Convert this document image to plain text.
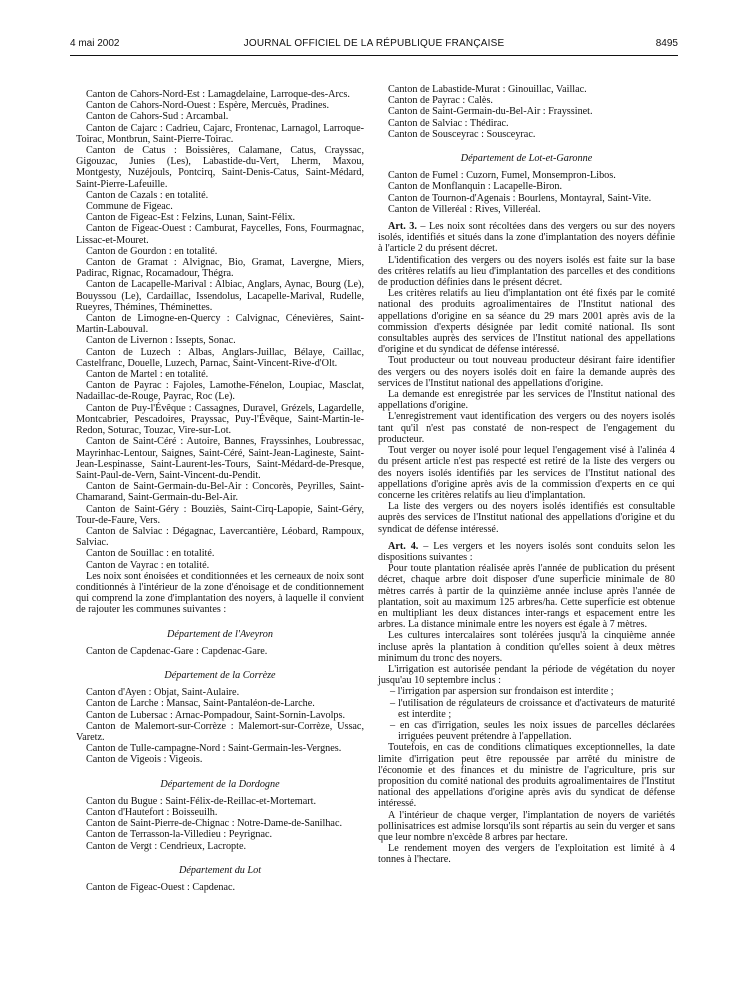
4 mai 2002	JOURNAL OFFICIEL DE LA RÉPUBLIQUE FRANÇAISE	8495

Canton de Cahors-Nord-Est : Lamagdelaine, Larroque-des-Arcs.

Canton de Cahors-Nord-Ouest : Espère, Mercuès, Pradines.

Canton de Cahors-Sud : Arcambal.

Canton de Cajarc : Cadrieu, Cajarc, Frontenac, Larnagol, Larroque-Toirac, Montbrun, Saint-Pierre-Toirac.

Canton de Catus : Boissières, Calamane, Catus, Crayssac, Gigouzac, Junies (Les), Labastide-du-Vert, Lherm, Maxou, Montgesty, Nuzéjouls, Pontcirq, Saint-Denis-Catus, Saint-Médard, Saint-Pierre-Lafeuille.

Canton de Cazals : en totalité.

Commune de Figeac.

Canton de Figeac-Est : Felzins, Lunan, Saint-Félix.

Canton de Figeac-Ouest : Camburat, Faycelles, Fons, Fourmagnac, Lissac-et-Mouret.

Canton de Gourdon : en totalité.

Canton de Gramat : Alvignac, Bio, Gramat, Lavergne, Miers, Padirac, Rignac, Rocamadour, Thégra.

Canton de Lacapelle-Marival : Albiac, Anglars, Aynac, Bourg (Le), Bouyssou (Le), Cardaillac, Issendolus, Lacapelle-Marival, Rudelle, Rueyres, Thémines, Théminettes.

Canton de Limogne-en-Quercy : Calvignac, Cénevières, Saint-Martin-Labouval.

Canton de Livernon : Issepts, Sonac.

Canton de Luzech : Albas, Anglars-Juillac, Bélaye, Caillac, Castelfranc, Douelle, Luzech, Parnac, Saint-Vincent-Rive-d'Olt.

Canton de Martel : en totalité.

Canton de Payrac : Fajoles, Lamothe-Fénelon, Loupiac, Masclat, Nadaillac-de-Rouge, Payrac, Roc (Le).

Canton de Puy-l'Évêque : Cassagnes, Duravel, Grézels, Lagardelle, Montcabrier, Pescadoires, Prayssac, Puy-l'Évêque, Saint-Martin-le-Redon, Soturac, Touzac, Vire-sur-Lot.

Canton de Saint-Céré : Autoire, Bannes, Frayssinhes, Loubressac, Mayrinhac-Lentour, Saignes, Saint-Céré, Saint-Jean-Lagineste, Saint-Jean-Lespinasse, Saint-Laurent-les-Tours, Saint-Médard-de-Presque, Saint-Paul-de-Vern, Saint-Vincent-du-Pendit.

Canton de Saint-Germain-du-Bel-Air : Concorès, Peyrilles, Saint-Chamarand, Saint-Germain-du-Bel-Air.

Canton de Saint-Géry : Bouziès, Saint-Cirq-Lapopie, Saint-Géry, Tour-de-Faure, Vers.

Canton de Salviac : Dégagnac, Lavercantière, Léobard, Rampoux, Salviac.

Canton de Souillac : en totalité.

Canton de Vayrac : en totalité.

Les noix sont énoisées et conditionnées et les cerneaux de noix sont conditionnés à l'intérieur de la zone d'énoisage et de conditionnement qui comprend la zone d'implantation des noyers, à laquelle il convient de rajouter les communes suivantes :

Département de l'Aveyron

Canton de Capdenac-Gare : Capdenac-Gare.

Département de la Corrèze

Canton d'Ayen : Objat, Saint-Aulaire.

Canton de Larche : Mansac, Saint-Pantaléon-de-Larche.

Canton de Lubersac : Arnac-Pompadour, Saint-Sornin-Lavolps.

Canton de Malemort-sur-Corrèze : Malemort-sur-Corrèze, Ussac, Varetz.

Canton de Tulle-campagne-Nord : Saint-Germain-les-Vergnes.

Canton de Vigeois : Vigeois.

Département de la Dordogne

Canton du Bugue : Saint-Félix-de-Reillac-et-Mortemart.

Canton d'Hautefort : Boisseuilh.

Canton de Saint-Pierre-de-Chignac : Notre-Dame-de-Sanilhac.

Canton de Terrasson-la-Villedieu : Peyrignac.

Canton de Vergt : Cendrieux, Lacropte.

Département du Lot

Canton de Figeac-Ouest : Capdenac.

Canton de Labastide-Murat : Ginouillac, Vaillac.

Canton de Payrac : Calès.

Canton de Saint-Germain-du-Bel-Air : Frayssinet.

Canton de Salviac : Thédirac.

Canton de Sousceyrac : Sousceyrac.

Département de Lot-et-Garonne

Canton de Fumel : Cuzorn, Fumel, Monsempron-Libos.

Canton de Monflanquin : Lacapelle-Biron.

Canton de Tournon-d'Agenais : Bourlens, Montayral, Saint-Vite.

Canton de Villeréal : Rives, Villeréal.

Art. 3. – Les noix sont récoltées dans des vergers ou sur des noyers isolés, identifiés et situés dans la zone d'implantation des noyers définie à l'article 2 du présent décret.

L'identification des vergers ou des noyers isolés est faite sur la base des critères relatifs au lieu d'implantation des parcelles et des conditions de production définies dans le présent décret.

Les critères relatifs au lieu d'implantation ont été fixés par le comité national des produits agroalimentaires de l'Institut national des appellations d'origine en sa séance du 29 mars 2001 après avis de la commission d'experts désignée par ledit comité national. Ils sont consultables auprès des services de l'Institut national des appellations d'origine et du syndicat de défense intéressé.

Tout producteur ou tout nouveau producteur désirant faire identifier des vergers ou des noyers isolés doit en faire la demande auprès des services de l'Institut national des appellations d'origine.

La demande est enregistrée par les services de l'Institut national des appellations d'origine.

L'enregistrement vaut identification des vergers ou des noyers isolés tant qu'il n'est pas constaté de non-respect de l'engagement du producteur.

Tout verger ou noyer isolé pour lequel l'engagement visé à l'alinéa 4 du présent article n'est pas respecté est retiré de la liste des vergers ou des noyers isolés identifiés par les services de l'Institut national des appellations d'origine après avis de la commission d'experts en ce qui concerne les critères relatifs au lieu d'implantation.

La liste des vergers ou des noyers isolés identifiés est consultable auprès des services de l'Institut national des appellations d'origine et du syndicat de défense intéressé.

Art. 4. – Les vergers et les noyers isolés sont conduits selon les dispositions suivantes :

Pour toute plantation réalisée après l'année de publication du présent décret, chaque arbre doit disposer d'une superficie minimale de 80 mètres carrés à partir de la quinzième année incluse après l'année de plantation, soit au maximum 125 arbres/ha. Cette superficie est obtenue en multipliant les deux distances inter-rangs et espacement entre les arbres. La distance minimale entre les noyers est égale à 7 mètres.

Les cultures intercalaires sont tolérées jusqu'à la cinquième année incluse après la plantation à condition qu'elles soient à deux mètres minimum du tronc des noyers.

L'irrigation est autorisée pendant la période de végétation du noyer jusqu'au 10 septembre inclus :

– l'irrigation par aspersion sur frondaison est interdite ;

– l'utilisation de régulateurs de croissance et d'activateurs de maturité est interdite ;

– en cas d'irrigation, seules les noix issues de parcelles déclarées irriguées peuvent prétendre à l'appellation.

Toutefois, en cas de conditions climatiques exceptionnelles, la date limite d'irrigation peut être repoussée par arrêté du ministre de l'économie et des finances et du ministre de l'agriculture, pris sur proposition du comité national des produits agroalimentaires de l'Institut national des appellations d'origine après avis du syndicat de défense intéressé.

A l'intérieur de chaque verger, l'implantation de noyers de variétés pollinisatrices est admise lorsqu'ils sont répartis au sein du verger et sans que leur nombre n'excède 8 arbres par hectare.

Le rendement moyen des vergers de l'exploitation est limité à 4 tonnes à l'hectare.
